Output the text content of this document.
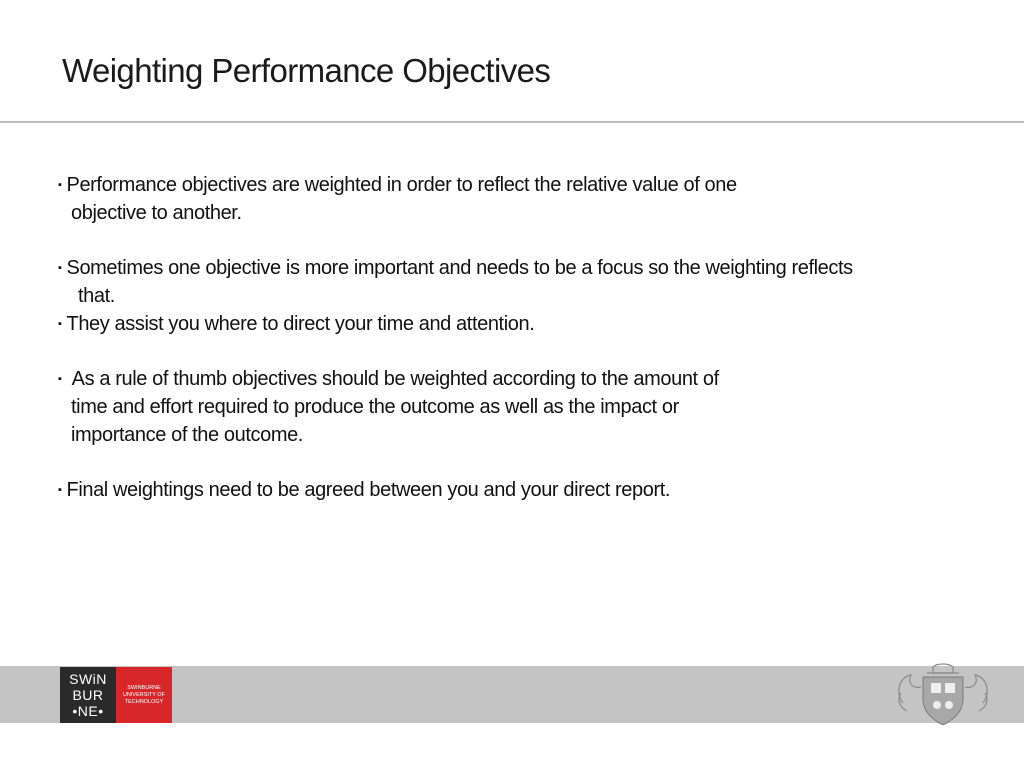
Weighting Performance Objectives
▪ Performance objectives are weighted in order to reflect the relative value of one
objective to another.
▪ Sometimes one objective is more important and needs to be a focus so the weighting reflects
that.
▪ They assist you where to direct your time and attention.
▪ As a rule of thumb objectives should be weighted according to the amount of
time and effort required to produce the outcome as well as the impact or
importance of the outcome.
▪ Final weightings need to be agreed between you and your direct report.
SWiN
BUR
•NE•
SWINBURNE
UNIVERSITY OF
TECHNOLOGY
